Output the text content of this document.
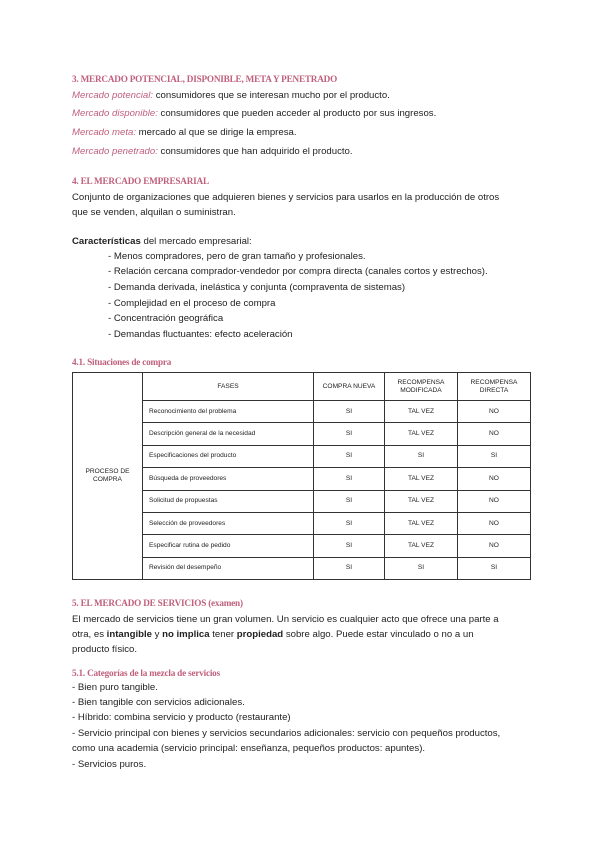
3. MERCADO POTENCIAL, DISPONIBLE, META Y PENETRADO
Mercado potencial: consumidores que se interesan mucho por el producto.
Mercado disponible: consumidores que pueden acceder al producto por sus ingresos.
Mercado meta: mercado al que se dirige la empresa.
Mercado penetrado: consumidores que han adquirido el producto.
4. EL MERCADO EMPRESARIAL
Conjunto de organizaciones que adquieren bienes y servicios para usarlos en la producción de otros
que se venden, alquilan o suministran.
Características del mercado empresarial:
- Menos compradores, pero de gran tamaño y profesionales.
- Relación cercana comprador-vendedor por compra directa (canales cortos y estrechos).
- Demanda derivada, inelástica y conjunta (compraventa de sistemas)
- Complejidad en el proceso de compra
- Concentración geográfica
- Demandas fluctuantes: efecto aceleración
4.1. Situaciones de compra
PROCESO DE COMPRA	FASES	COMPRA NUEVA	RECOMPENSA MODIFICADA	RECOMPENSA DIRECTA
	Reconocimiento del problema	SI	TAL VEZ	NO
	Descripción general de la necesidad	SI	TAL VEZ	NO
	Especificaciones del producto	SI	SI	SI
	Búsqueda de proveedores	SI	TAL VEZ	NO
	Solicitud de propuestas	SI	TAL VEZ	NO
	Selección de proveedores	SI	TAL VEZ	NO
	Especificar rutina de pedido	SI	TAL VEZ	NO
	Revisión del desempeño	SI	SI	SI
5. EL MERCADO DE SERVICIOS (examen)
El mercado de servicios tiene un gran volumen. Un servicio es cualquier acto que ofrece una parte a
otra, es intangible y no implica tener propiedad sobre algo. Puede estar vinculado o no a un
producto físico.
5.1. Categorías de la mezcla de servicios
- Bien puro tangible.
- Bien tangible con servicios adicionales.
- Híbrido: combina servicio y producto (restaurante)
- Servicio principal con bienes y servicios secundarios adicionales: servicio con pequeños productos,
como una academia (servicio principal: enseñanza, pequeños productos: apuntes).
- Servicios puros.
